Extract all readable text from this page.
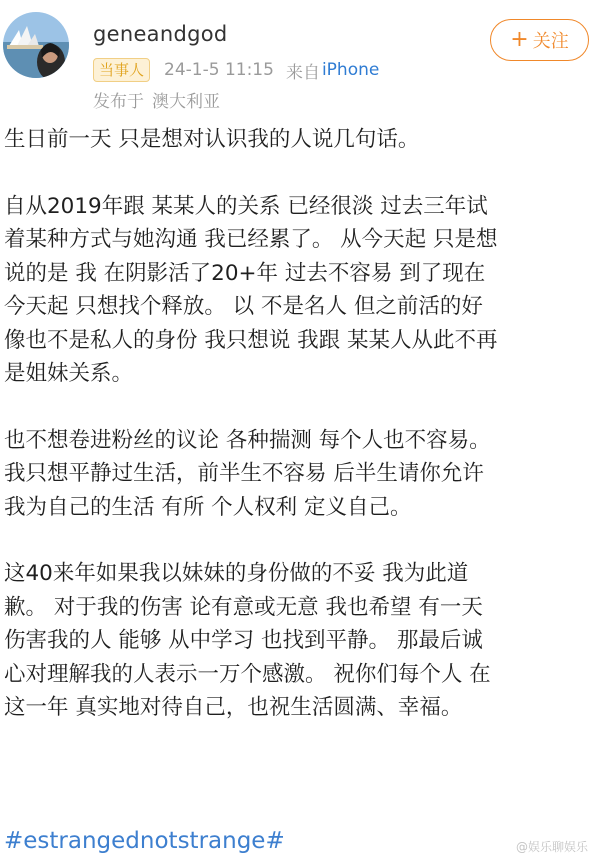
geneandgod
当事人	24-1-5 11:15 来自 iPhone
发布于 澳大利亚
+ 关注

生日前一天 只是想对认识我的人说几句话。

自从2019年跟 某某人的关系 已经很淡 过去三年试

着某种方式与她沟通 我已经累了。 从今天起 只是想

说的是 我 在阴影活了20+年 过去不容易 到了现在

今天起 只想找个释放。 以 不是名人 但之前活的好

像也不是私人的身份 我只想说 我跟 某某人从此不再

是姐妹关系。

也不想卷进粉丝的议论 各种揣测 每个人也不容易。

我只想平静过生活，前半生不容易 后半生请你允许

我为自己的生活 有所 个人权利 定义自己。

这40来年如果我以妹妹的身份做的不妥 我为此道

歉。 对于我的伤害 论有意或无意 我也希望 有一天

伤害我的人 能够 从中学习 也找到平静。 那最后诚

心对理解我的人表示一万个感激。 祝你们每个人 在

这一年 真实地对待自己，也祝生活圆满、幸福。

#estrangednotstrange#	@娱乐聊娱乐
